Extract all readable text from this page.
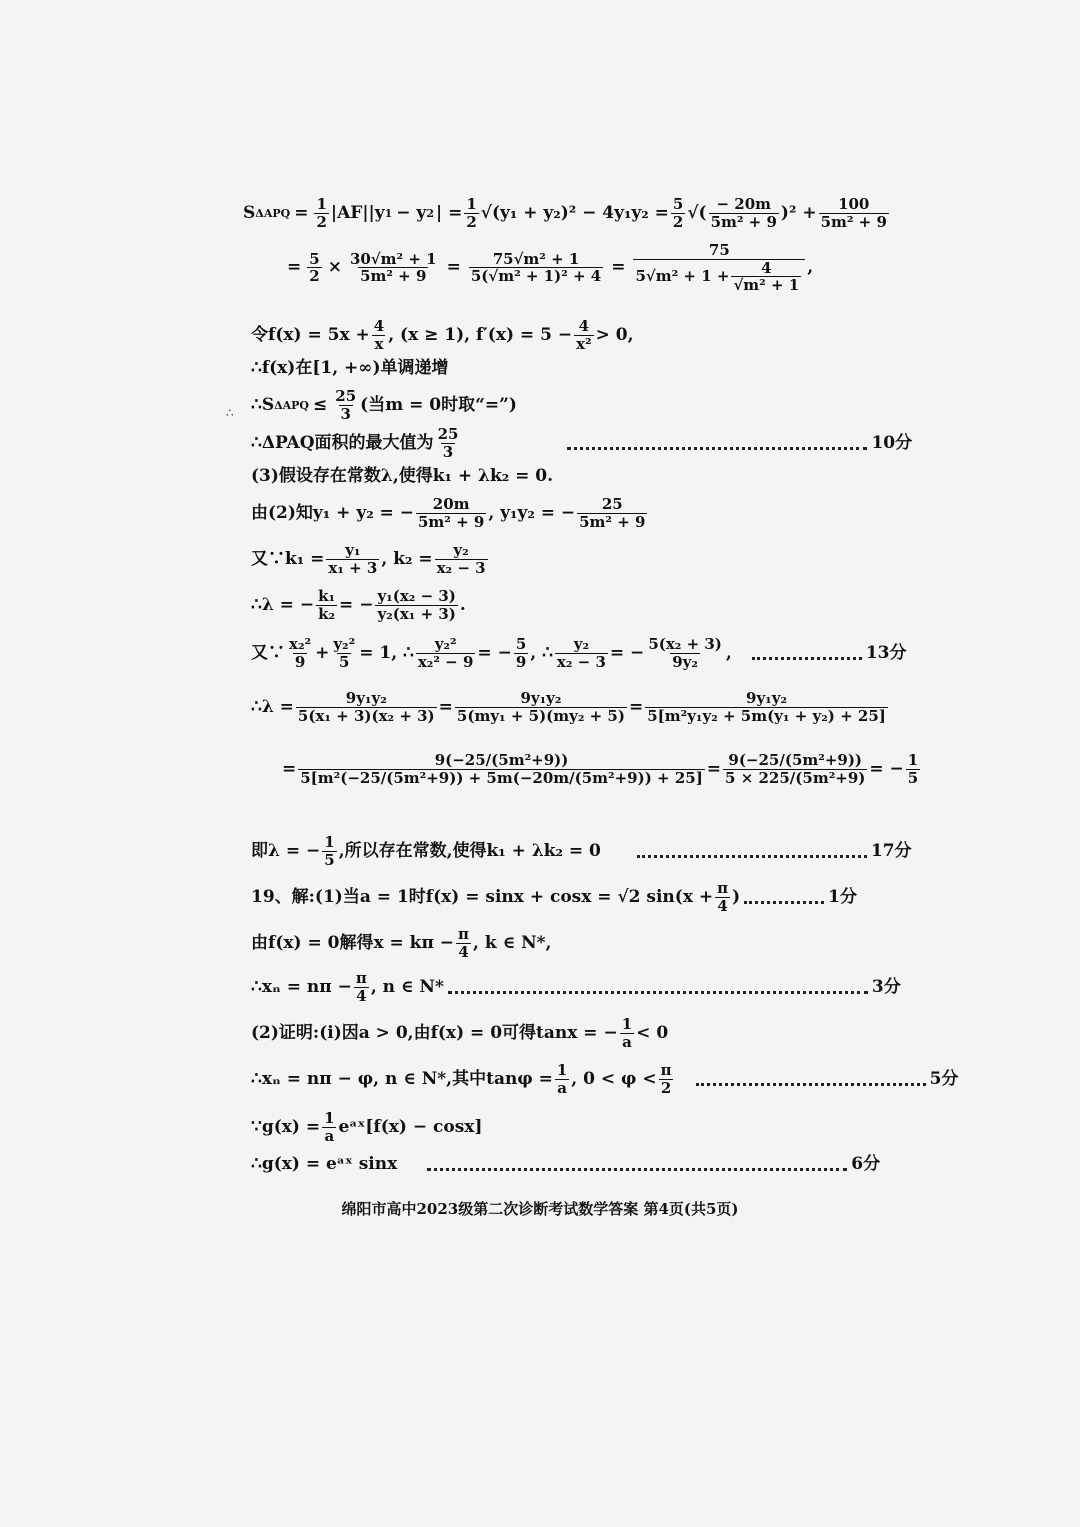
S $\Delta APQ = \frac{1}{2} |AF||y$ 1 − y 2 | = $\frac{1}{2} √(y_1 + y_2)^2 - 4y_1y_2 = \frac{5}{2}$ √( $\frac{- 20m}{\text{5m² + 9}} )^2 + \frac{100}{\text{5m² + 9}}$
= $\frac{5}{2} \times \frac{\text{30√m² + 1}}{\text{5m² + 9}} = \frac{\text{75√m² + 1}}{\text{5(√m² + 1)² + 4}} = \frac{75}{5√m^2 + 1 + \frac{4}{\text{√m² + 1}}}$ ,
令$f(x) = 5x + \frac{4}{x}$ , (x ≥ 1), $f'(x) = 5 - \frac{4}{\text{x²}} > 0$,
∴f(x)在[1, +∞)单调递增
∴ ∴S $\Delta APQ \le \frac{25}{3}$ (当m = 0时取“=”)
∴ΔPAQ面积的最大值为 $\frac{25}{3}$	10分
(3)假设存在常数λ,使得k₁ + λk₂ = 0.
由(2)知y₁ + y₂ = − $\frac{20m}{\text{5m² + 9}}$ , y₁y₂ = − $\frac{25}{\text{5m² + 9}}$
又∵k₁ = $\frac{\text{y₁}}{\text{x₁ + 3}}$ , $k_2 = \frac{\text{y₂}}{\text{x₂ − 3}}$
∴λ = − $\frac{\text{k₁}}{\text{k₂}}$ = − $\frac{\text{y₁(x₂ − 3)}}{\text{y₂(x₁ + 3)}}$ .
又∵ $\frac{\text{x₂²}}{9} + \frac{\text{y₂²}}{5} = 1$, ∴ $\frac{\text{y₂²}}{\text{x₂² − 9}}$ = − $\frac{5}{9}$ , ∴ $\frac{\text{y₂}}{\text{x₂ − 3}}$ = − $\frac{\text{5(x₂ + 3)}}{\text{9y₂}}$ ,	13分
∴λ = $\frac{\text{9y₁y₂}}{\text{5(x₁ + 3)(x₂ + 3)}} = \frac{\text{9y₁y₂}}{\text{5(my₁ + 5)(my₂ + 5)}} = \frac{\text{9y₁y₂}}{\text{5[m²y₁y₂ + 5m(y₁ + y₂) + 25]}}$
= $\frac{\text{9(−25/(5m²+9))}}{\text{5[m²(−25/(5m²+9)) + 5m(−20m/(5m²+9)) + 25]}} = \frac{\text{9(−25/(5m²+9))}}{\text{5 × 225/(5m²+9)}}$ = − $\frac{1}{5}$
即λ = − $\frac{1}{5}$ ,所以存在常数,使得k₁ + λk₂ = 0	17分
19、解:(1)当a = 1时f(x) = sinx + cosx = √2 $\sin(x + \frac{\pi}{4}$ )	1分
由f(x) = 0解得$x = k\pi - \frac{\pi}{4}$ , k ∈ N*,
∴xₙ = $n\pi - \frac{\pi}{4}$ , n ∈ N*	3分
(2)证明:(ⅰ)因a > 0,由f(x) = 0可得tanx = − $\frac{1}{a} < 0$
∴xₙ = nπ − φ, n ∈ N*,其中$\tan\varphi = \frac{1}{a}$ , $0 < \varphi < \frac{\pi}{2}$	5分
∵g(x) = $\frac{1}{a}$ eᵃˣ[f(x) − cosx]
∴g(x) = eᵃˣ sinx	6分
绵阳市高中2023级第二次诊断考试数学答案 第4页(共5页)
